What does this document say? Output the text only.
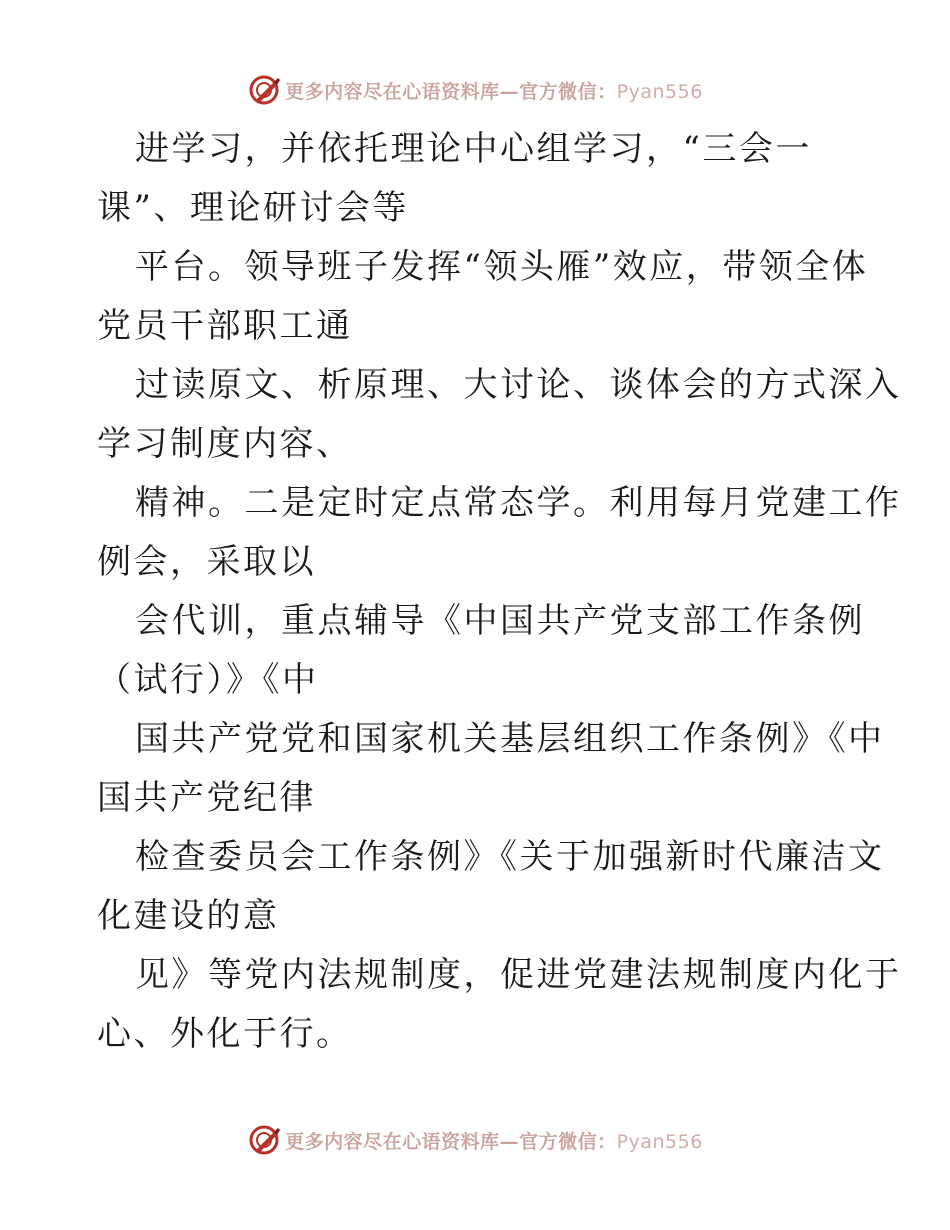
更多内容尽在心语资料库—官方微信：Pyan556
进学习，并依托理论中心组学习，“三会一
课”、理论研讨会等
平台。领导班子发挥“领头雁”效应，带领全体
党员干部职工通
过读原文、析原理、大讨论、谈体会的方式深入
学习制度内容、
精神。二是定时定点常态学。利用每月党建工作
例会，采取以
会代训，重点辅导《中国共产党支部工作条例
（试行）》《中
国共产党党和国家机关基层组织工作条例》《中
国共产党纪律
检查委员会工作条例》《关于加强新时代廉洁文
化建设的意
见》等党内法规制度，促进党建法规制度内化于
心、外化于行。
更多内容尽在心语资料库—官方微信：Pyan556
